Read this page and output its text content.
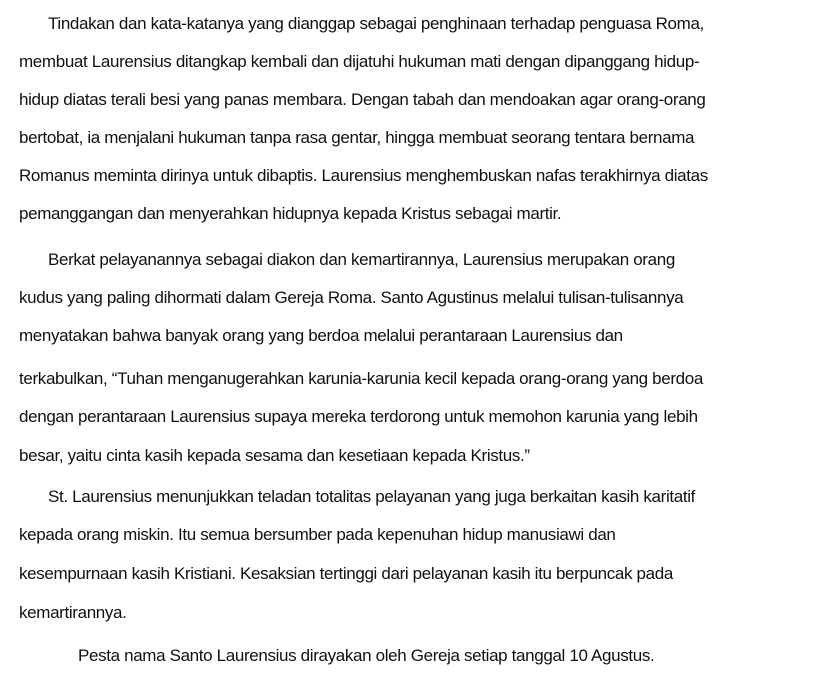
Tindakan dan kata-katanya yang dianggap sebagai penghinaan terhadap penguasa Roma,
membuat Laurensius ditangkap kembali dan dijatuhi hukuman mati dengan dipanggang hidup-
hidup diatas terali besi yang panas membara. Dengan tabah dan mendoakan agar orang-orang
bertobat, ia menjalani hukuman tanpa rasa gentar, hingga membuat seorang tentara bernama
Romanus meminta dirinya untuk dibaptis. Laurensius menghembuskan nafas terakhirnya diatas
pemanggangan dan menyerahkan hidupnya kepada Kristus sebagai martir.
Berkat pelayanannya sebagai diakon dan kemartirannya, Laurensius merupakan orang
kudus yang paling dihormati dalam Gereja Roma. Santo Agustinus melalui tulisan-tulisannya
menyatakan bahwa banyak orang yang berdoa melalui perantaraan Laurensius dan
terkabulkan, “Tuhan menganugerahkan karunia-karunia kecil kepada orang-orang yang berdoa
dengan perantaraan Laurensius supaya mereka terdorong untuk memohon karunia yang lebih
besar, yaitu cinta kasih kepada sesama dan kesetiaan kepada Kristus.”
St. Laurensius menunjukkan teladan totalitas pelayanan yang juga berkaitan kasih karitatif
kepada orang miskin. Itu semua bersumber pada kepenuhan hidup manusiawi dan
kesempurnaan kasih Kristiani. Kesaksian tertinggi dari pelayanan kasih itu berpuncak pada
kemartirannya.
Pesta nama Santo Laurensius dirayakan oleh Gereja setiap tanggal 10 Agustus.
